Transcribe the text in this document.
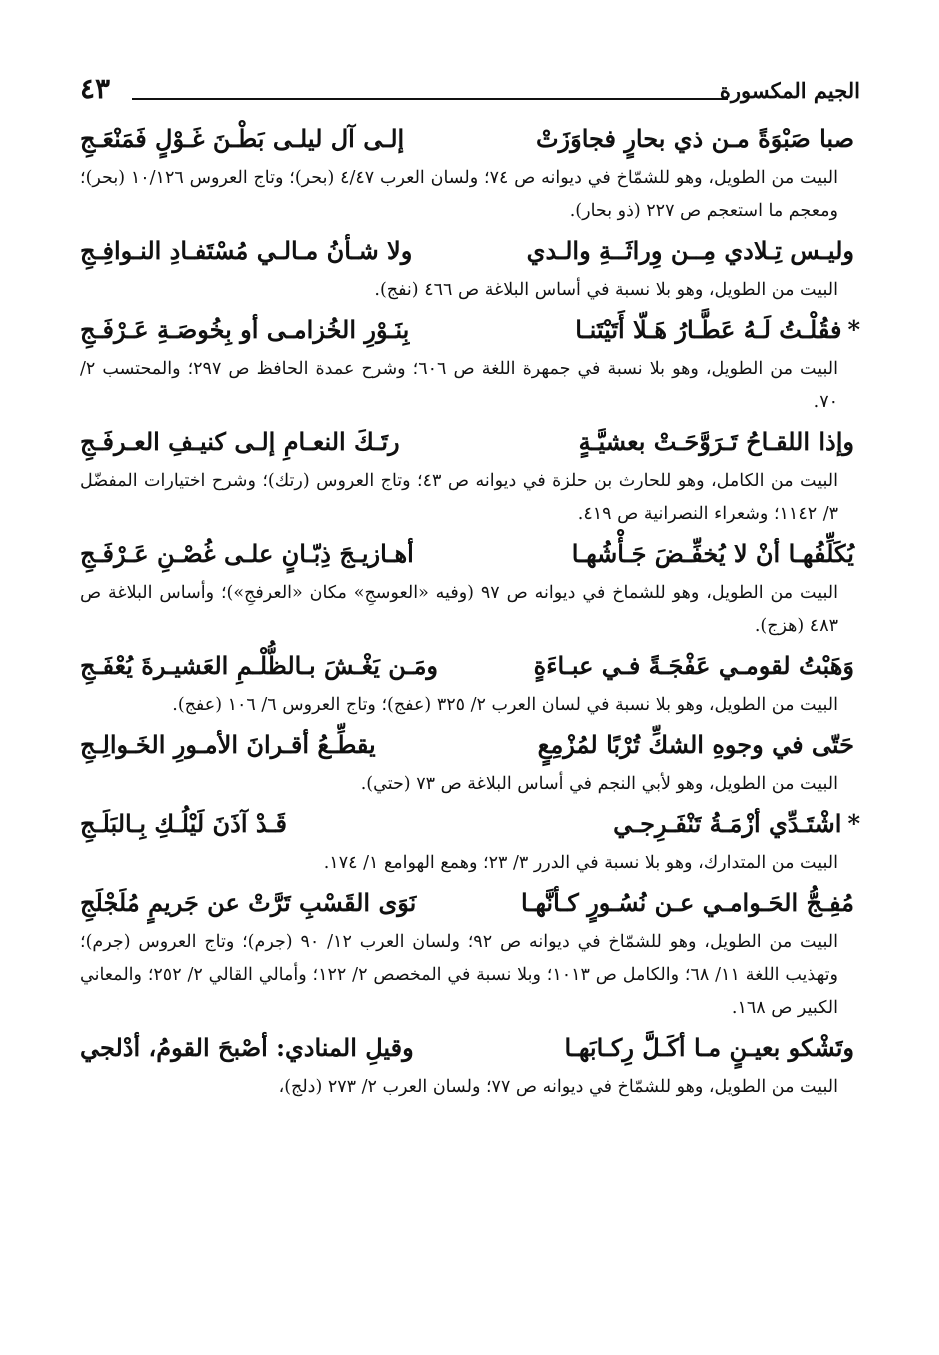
الجيم المكسورة
٤٣
صبا صَبْوَةً مـن ذي بحارٍ فجاوَزَتْ
إلـى آل ليلـى بَطْـنَ غَـوْلٍ فَمَنْعَـجِ
البيت من الطويل، وهو للشمّاخ في ديوانه ص ٧٤؛ ولسان العرب ٤/٤٧ (بحر)؛ وتاج العروس ١٠/١٢٦ (بحر)؛ ومعجم ما استعجم ص ٢٢٧ (ذو بحار).
وليـس تِـلادي مِــن وِراثَــةِ والـدي
ولا شـأنُ مـالـي مُسْتَفـادِ النـوافِـجِ
البيت من الطويل، وهو بلا نسبة في أساس البلاغة ص ٤٦٦ (نفج).
*فقُلْـتُ لَـهُ عَطَّـارُ هَـلّا أَتَيْتَنـا
بِنَـوْرِ الخُزامـى أو بِخُوصَـةِ عَـرْفَـجِ
البيت من الطويل، وهو بلا نسبة في جمهرة اللغة ص ٦٠٦؛ وشرح عمدة الحافظ ص ٢٩٧؛ والمحتسب ٢/ ٧٠.
وإذا اللقـاحُ تَـرَوَّحَـتْ بعشيَّـةٍ
رتَـكَ النعـامِ إلـى كنيـفِ العـرفَـجِ
البيت من الكامل، وهو للحارث بن حلزة في ديوانه ص ٤٣؛ وتاج العروس (رتك)؛ وشرح اختيارات المفضّل ٣/ ١١٤٢؛ وشعراء النصرانية ص ٤١٩.
يُكَلِّفُهـا أنْ لا يُخفِّـضَ جَـأْشُهـا
أهـازيـجَ ذِبّـانٍ علـى غُصْـنِ عَـرْفَـجِ
البيت من الطويل، وهو للشماخ في ديوانه ص ٩٧ (وفيه «العوسجِ» مكان «العرفجِ»)؛ وأساس البلاغة ص ٤٨٣ (هزج).
وَهَبْتُ لقومـي عَفْجَـةً فـي عبـاءَةٍ
ومَـن يَغْـشَ بـالظُّلْـمِ العَشيـرةَ يُعْفَـجِ
البيت من الطويل، وهو بلا نسبة في لسان العرب ٢/ ٣٢٥ (عفج)؛ وتاج العروس ٦/ ١٠٦ (عفج).
حَتّى في وجوهِ الشكِّ تُرْبًا لمُزْمِعٍ
يقطِّـعُ أقـرانَ الأمـورِ الخَـوالِـجِ
البيت من الطويل، وهو لأبي النجم في أساس البلاغة ص ٧٣ (حتي).
*اشْتَـدِّي أزْمَـةُ تَنْفَـرِجـي
قَـدْ آذَنَ لَيْلُـكِ بِـالبَلَـجِ
البيت من المتدارك، وهو بلا نسبة في الدرر ٣/ ٢٣؛ وهمع الهوامع ١/ ١٧٤.
مُفِـجُّ الحَـوامـي عـن نُسُـورٍ كـأنَّهـا
نَوَى القَسْبِ تَرَّتْ عن جَريمٍ مُلَجْلَجِ
البيت من الطويل، وهو للشمّاخ في ديوانه ص ٩٢؛ ولسان العرب ١٢/ ٩٠ (جرم)؛ وتاج العروس (جرم)؛ وتهذيب اللغة ١١/ ٦٨؛ والكامل ص ١٠١٣؛ وبلا نسبة في المخصص ٢/ ١٢٢؛ وأمالي القالي ٢/ ٢٥٢؛ والمعاني الكبير ص ١٦٨.
وتَشْكو بعيـنٍ مـا أكَـلَّ رِكـابَهـا
وقيلِ المنادي: أصْبحَ القومُ، أدْلجي
البيت من الطويل، وهو للشمّاخ في ديوانه ص ٧٧؛ ولسان العرب ٢/ ٢٧٣ (دلج)،
